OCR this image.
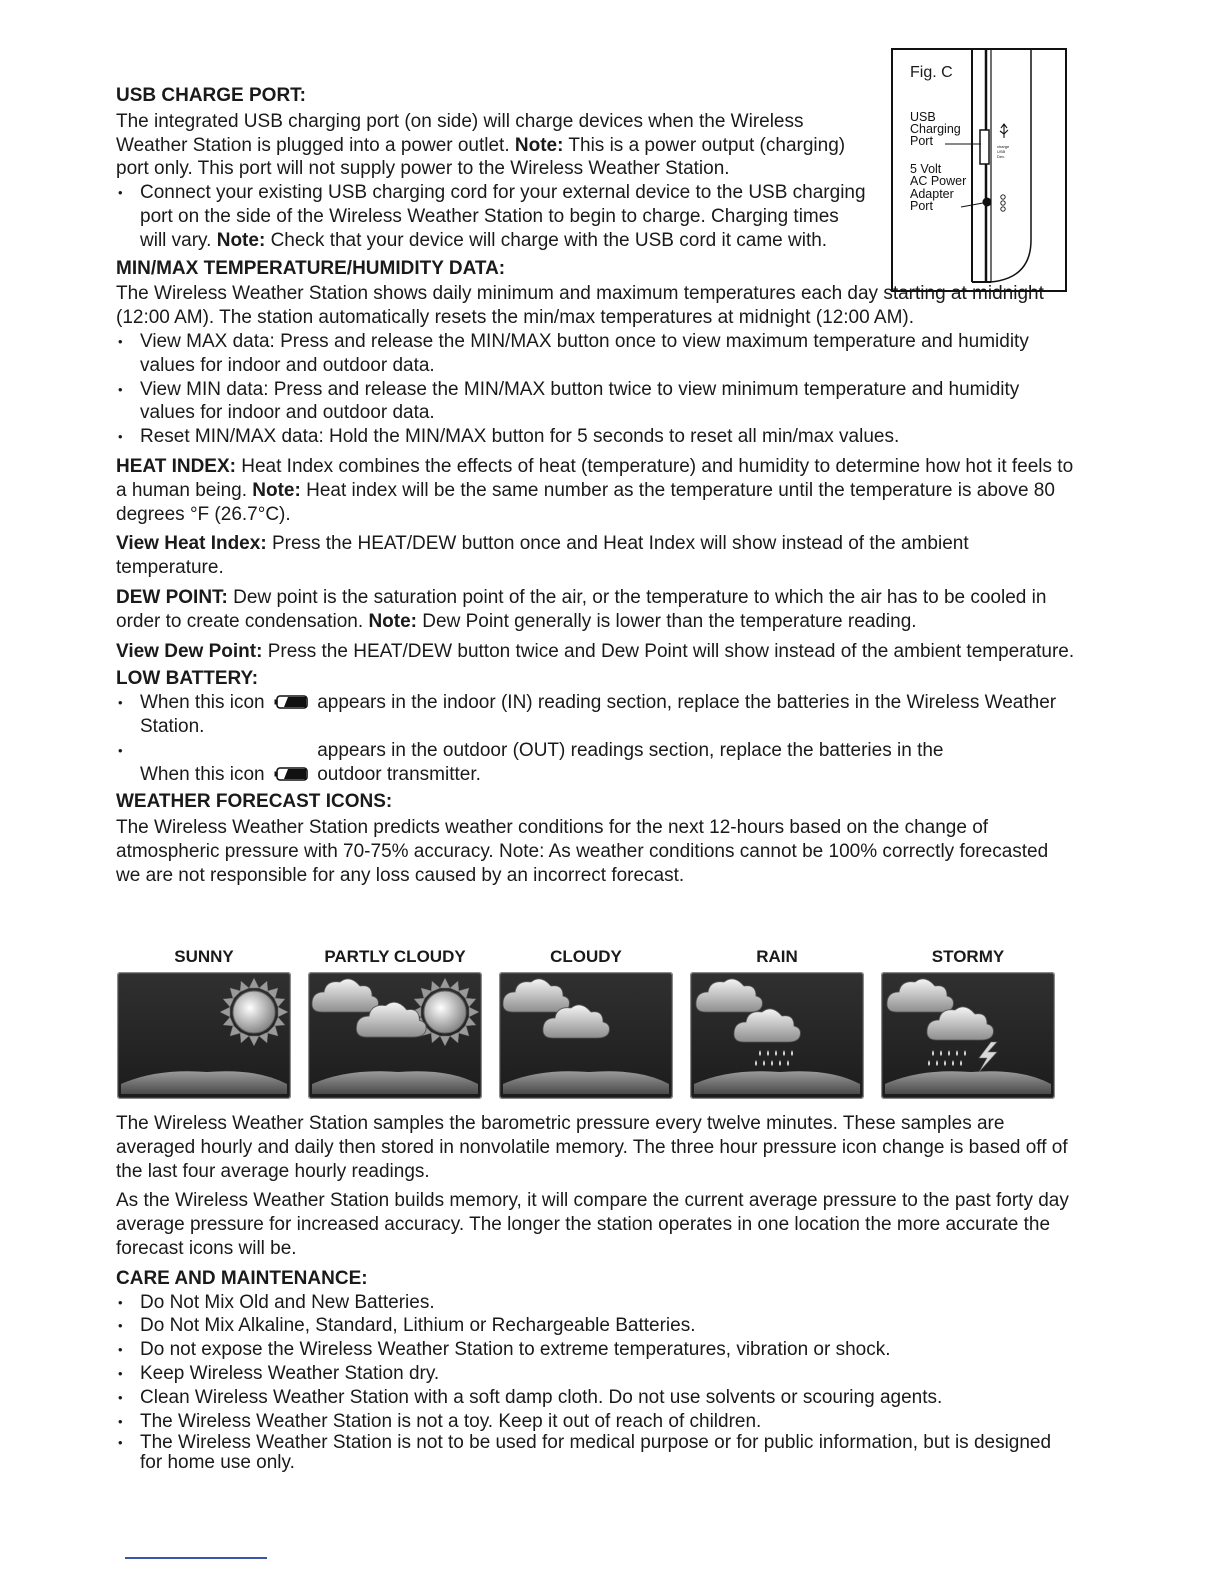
USB CHARGE PORT:

The integrated USB charging port (on side) will charge devices when the Wireless Weather Station is plugged into a power outlet. Note: This is a power output (charging) port only. This port will not supply power to the Wireless Weather Station.

• Connect your existing USB charging cord for your external device to the USB charging port on the side of the Wireless Weather Station to begin to charge. Charging times will vary. Note: Check that your device will charge with the USB cord it came with.
MIN/MAX TEMPERATURE/HUMIDITY DATA:

The Wireless Weather Station shows daily minimum and maximum temperatures each day starting at midnight (12:00 AM). The station automatically resets the min/max temperatures at midnight (12:00 AM).

• View MAX data: Press and release the MIN/MAX button once to view maximum temperature and humidity values for indoor and outdoor data.
• View MIN data: Press and release the MIN/MAX button twice to view minimum temperature and humidity values for indoor and outdoor data.
• Reset MIN/MAX data: Hold the MIN/MAX button for 5 seconds to reset all min/max values.

HEAT INDEX: Heat Index combines the effects of heat (temperature) and humidity to determine how hot it feels to a human being. Note: Heat index will be the same number as the temperature until the temperature is above 80 degrees °F (26.7°C).

View Heat Index: Press the HEAT/DEW button once and Heat Index will show instead of the ambient temperature.

DEW POINT: Dew point is the saturation point of the air, or the temperature to which the air has to be cooled in order to create condensation. Note: Dew Point generally is lower than the temperature reading.

View Dew Point: Press the HEAT/DEW button twice and Dew Point will show instead of the ambient temperature.

LOW BATTERY:
• When this icon	appears in the indoor (IN) reading section, replace the batteries in the Wireless Weather Station.
• When this icon  appears in the outdoor (OUT) readings section, replace the batteries in the outdoor transmitter.
WEATHER FORECAST ICONS:

The Wireless Weather Station predicts weather conditions for the next 12-hours based on the change of atmospheric pressure with 70-75% accuracy. Note: As weather conditions cannot be 100% correctly forecasted we are not responsible for any loss caused by an incorrect forecast.

charge
USB
Dev.
Fig. C
USB
Charging
Port
5 Volt
AC Power
Adapter
Port
SUNNY	PARTLY CLOUDY	CLOUDY	RAIN	STORMY

The Wireless Weather Station samples the barometric pressure every twelve minutes. These samples are averaged hourly and daily then stored in nonvolatile memory. The three hour pressure icon change is based off of the last four average hourly readings.

As the Wireless Weather Station builds memory, it will compare the current average pressure to the past forty day average pressure for increased accuracy. The longer the station operates in one location the more accurate the forecast icons will be.

CARE AND MAINTENANCE:
• Do Not Mix Old and New Batteries.
• Do Not Mix Alkaline, Standard, Lithium or Rechargeable Batteries.
• Do not expose the Wireless Weather Station to extreme temperatures, vibration or shock.
• Keep Wireless Weather Station dry.
• Clean Wireless Weather Station with a soft damp cloth. Do not use solvents or scouring agents.
• The Wireless Weather Station is not a toy. Keep it out of reach of children.
• The Wireless Weather Station is not to be used for medical purpose or for public information, but is designed for home use only.
